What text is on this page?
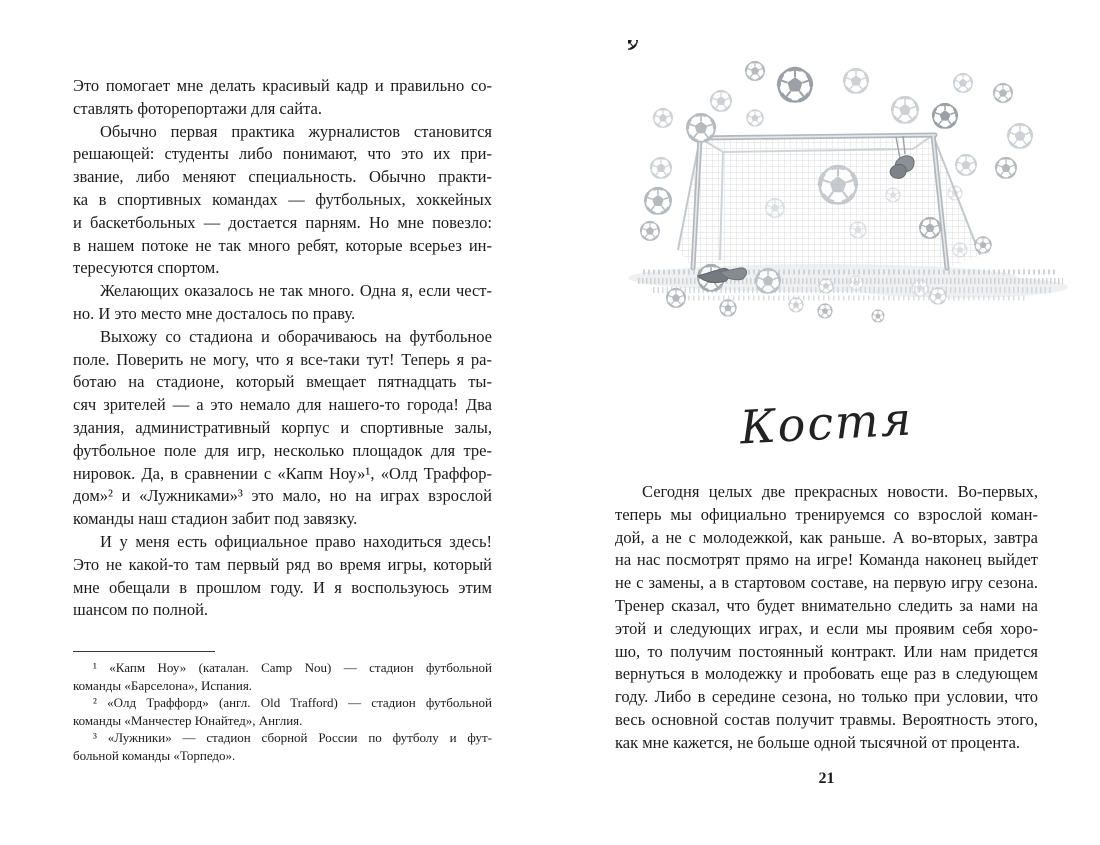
Это помогает мне делать красивый кадр и правильно со-
ставлять фоторепортажи для сайта.
Обычно первая практика журналистов становится
решающей: студенты либо понимают, что это их при-
звание, либо меняют специальность. Обычно практи-
ка в спортивных командах — футбольных, хоккейных
и баскетбольных — достается парням. Но мне повезло:
в нашем потоке не так много ребят, которые всерьез ин-
тересуются спортом.
Желающих оказалось не так много. Одна я, если чест-
но. И это место мне досталось по праву.
Выхожу со стадиона и оборачиваюсь на футбольное
поле. Поверить не могу, что я все-таки тут! Теперь я ра-
ботаю на стадионе, который вмещает пятнадцать ты-
сяч зрителей — а это немало для нашего-то города! Два
здания, административный корпус и спортивные залы,
футбольное поле для игр, несколько площадок для тре-
нировок. Да, в сравнении с «Капм Ноу»¹, «Олд Траффор-
дом»² и «Лужниками»³ это мало, но на играх взрослой
команды наш стадион забит под завязку.
И у меня есть официальное право находиться здесь!
Это не какой-то там первый ряд во время игры, который
мне обещали в прошлом году. И я воспользуюсь этим
шансом по полной.
¹ «Капм Ноу» (каталан. Camp Nou) — стадион футбольной
команды «Барселона», Испания.
² «Олд Траффорд» (англ. Old Trafford) — стадион футбольной
команды «Манчестер Юнайтед», Англия.
³ «Лужники» — стадион сборной России по футболу и фут-
больной команды «Торпедо».
Костя
Сегодня целых две прекрасных новости. Во-первых,
теперь мы официально тренируемся со взрослой коман-
дой, а не с молодежкой, как раньше. А во-вторых, завтра
на нас посмотрят прямо на игре! Команда наконец выйдет
не с замены, а в стартовом составе, на первую игру сезона.
Тренер сказал, что будет внимательно следить за нами на
этой и следующих играх, и если мы проявим себя хоро-
шо, то получим постоянный контракт. Или нам придется
вернуться в молодежку и пробовать еще раз в следующем
году. Либо в середине сезона, но только при условии, что
весь основной состав получит травмы. Вероятность этого,
как мне кажется, не больше одной тысячной от процента.
21
